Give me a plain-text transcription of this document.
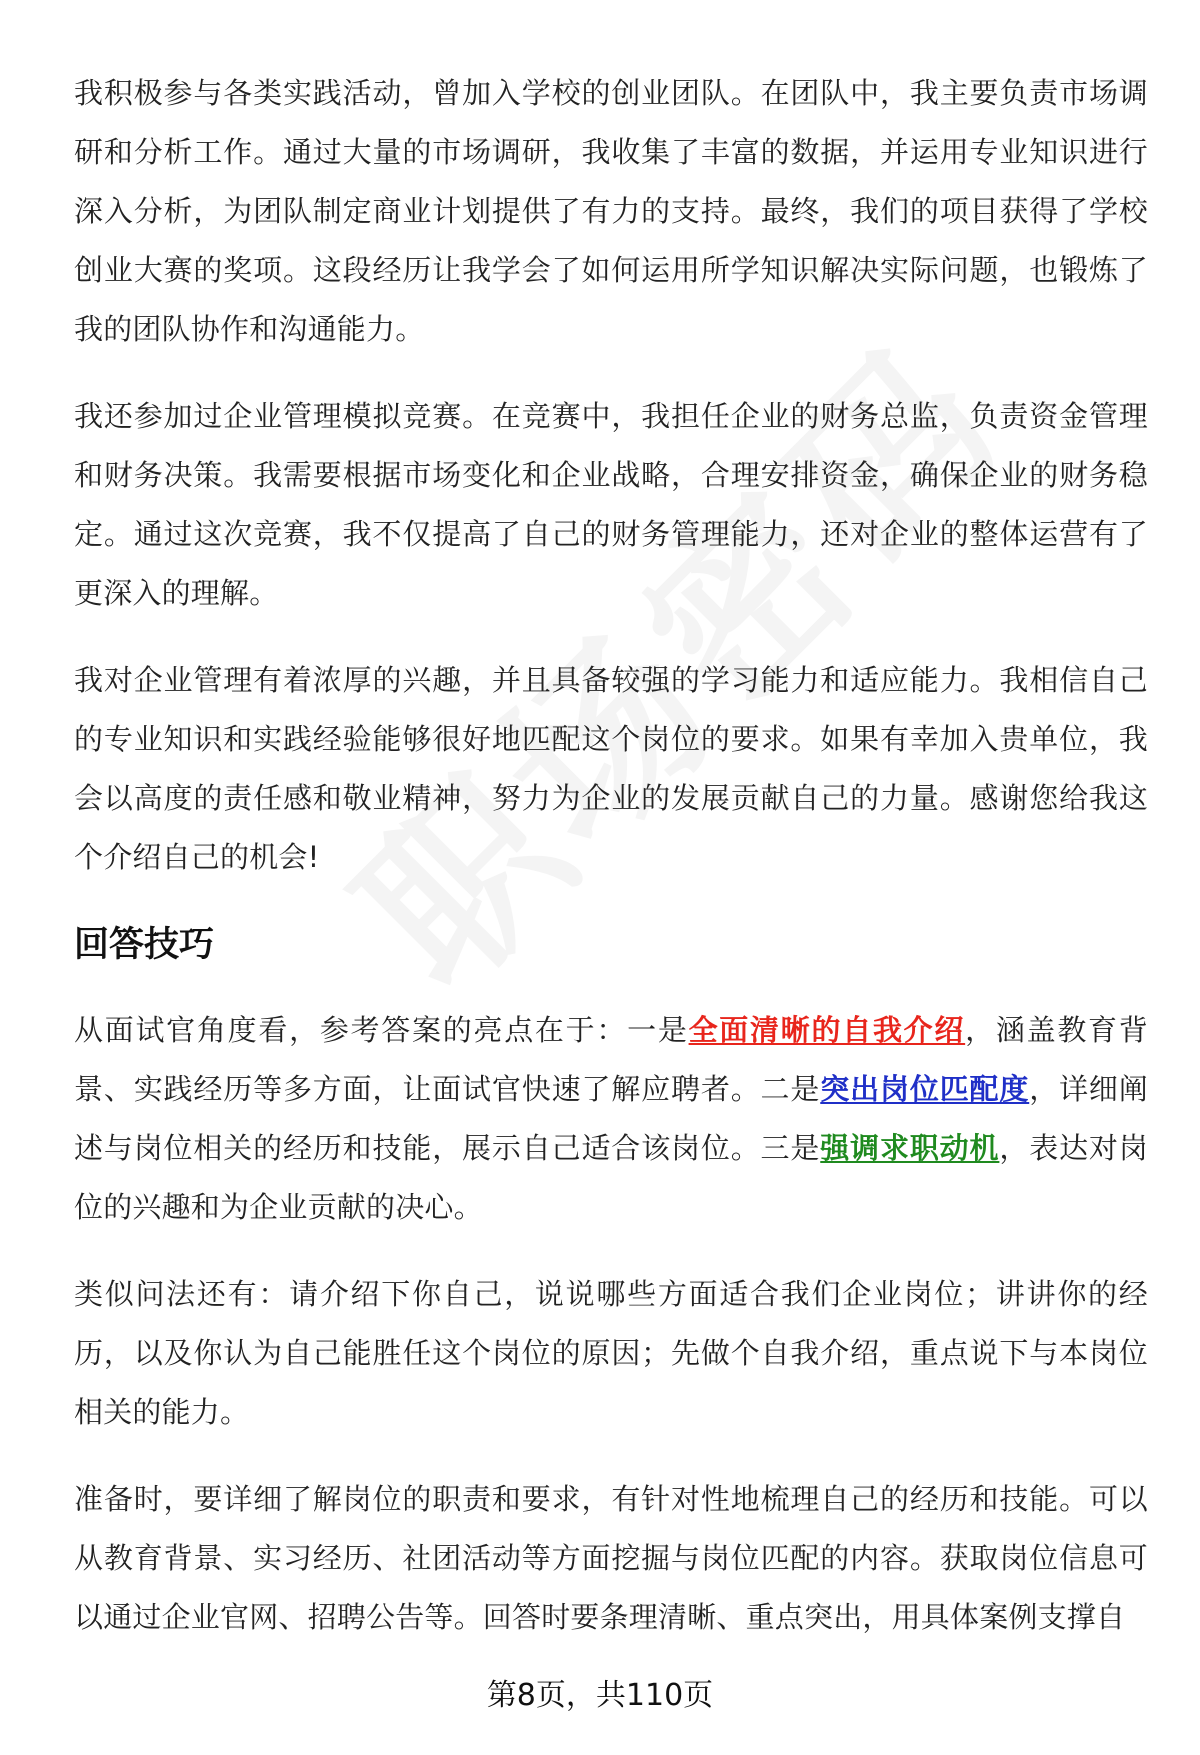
我积极参与各类实践活动，曾加入学校的创业团队。在团队中，我主要负责市场调研和分析工作。通过大量的市场调研，我收集了丰富的数据，并运用专业知识进行深入分析，为团队制定商业计划提供了有力的支持。最终，我们的项目获得了学校创业大赛的奖项。这段经历让我学会了如何运用所学知识解决实际问题，也锻炼了我的团队协作和沟通能力。

我还参加过企业管理模拟竞赛。在竞赛中，我担任企业的财务总监，负责资金管理和财务决策。我需要根据市场变化和企业战略，合理安排资金，确保企业的财务稳定。通过这次竞赛，我不仅提高了自己的财务管理能力，还对企业的整体运营有了更深入的理解。

我对企业管理有着浓厚的兴趣，并且具备较强的学习能力和适应能力。我相信自己的专业知识和实践经验能够很好地匹配这个岗位的要求。如果有幸加入贵单位，我会以高度的责任感和敬业精神，努力为企业的发展贡献自己的力量。感谢您给我这个介绍自己的机会!

回答技巧

从面试官角度看，参考答案的亮点在于：一是全面清晰的自我介绍，涵盖教育背景、实践经历等多方面，让面试官快速了解应聘者。二是突出岗位匹配度，详细阐述与岗位相关的经历和技能，展示自己适合该岗位。三是强调求职动机，表达对岗位的兴趣和为企业贡献的决心。

类似问法还有：请介绍下你自己，说说哪些方面适合我们企业岗位；讲讲你的经历，以及你认为自己能胜任这个岗位的原因；先做个自我介绍，重点说下与本岗位相关的能力。

准备时，要详细了解岗位的职责和要求，有针对性地梳理自己的经历和技能。可以从教育背景、实习经历、社团活动等方面挖掘与岗位匹配的内容。获取岗位信息可以通过企业官网、招聘公告等。回答时要条理清晰、重点突出，用具体案例支撑自

第8页，共110页
